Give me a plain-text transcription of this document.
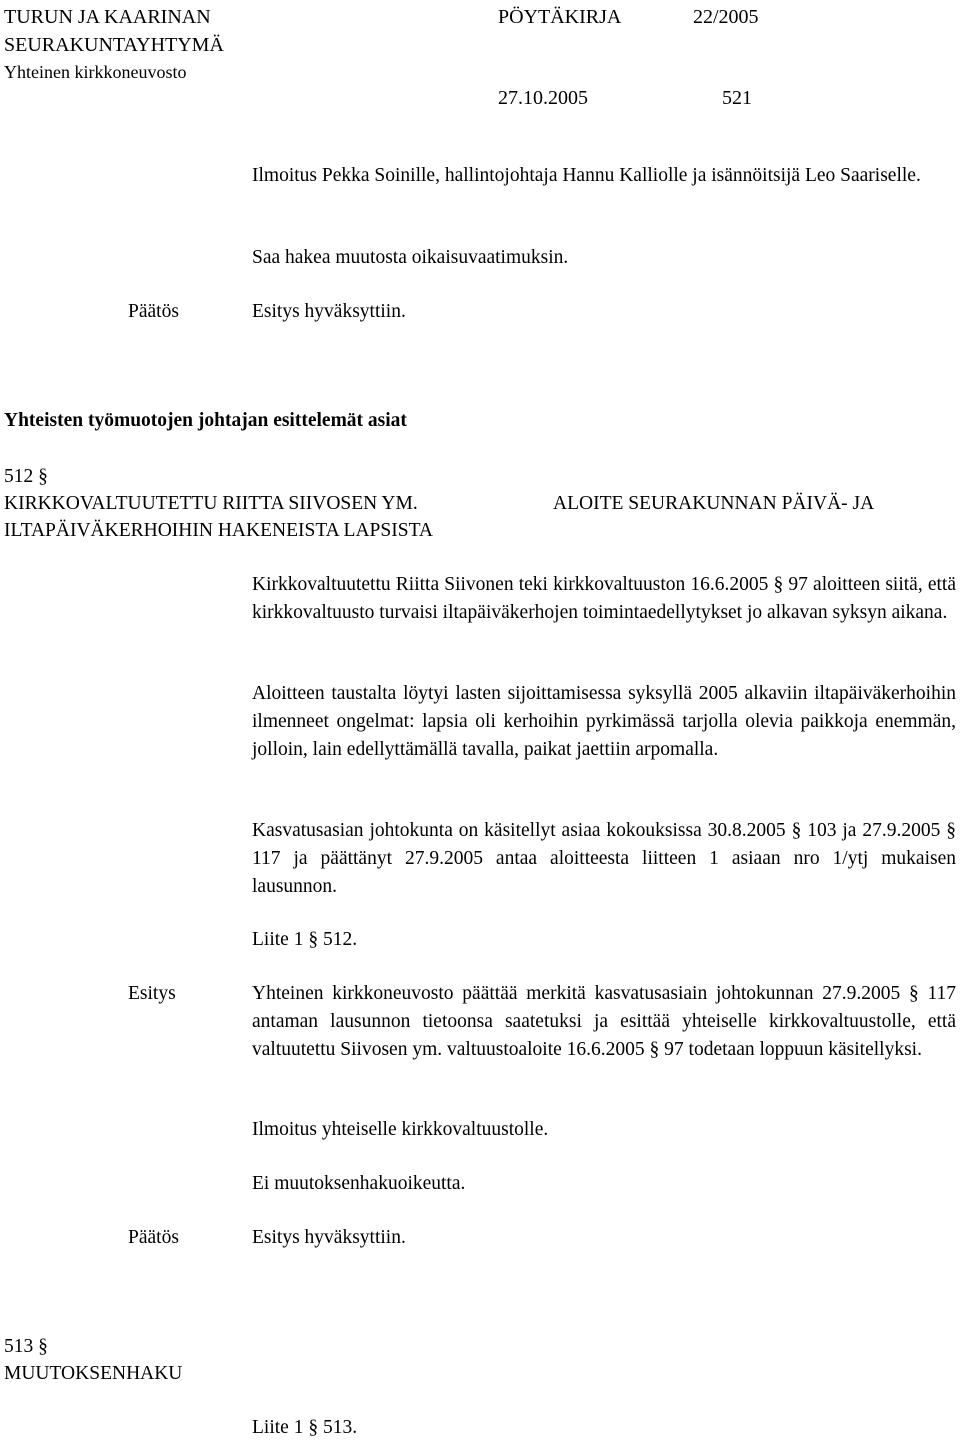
TURUN JA KAARINAN
SEURAKUNTAYHTYMÄ
Yhteinen kirkkoneuvosto
PÖYTÄKIRJA	22/2005
27.10.2005	521

Ilmoitus Pekka Soinille, hallintojohtaja Hannu Kalliolle ja isännöitsijä Leo Saariselle.

Saa hakea muutosta oikaisuvaatimuksin.
Päätös	Esitys hyväksyttiin.
Yhteisten työmuotojen johtajan esittelemät asiat
512 §
KIRKKOVALTUUTETTU RIITTA SIIVOSEN YM.	ALOITE SEURAKUNNAN PÄIVÄ- JA
ILTAPÄIVÄKERHOIHIN HAKENEISTA LAPSISTA

Kirkkovaltuutettu Riitta Siivonen teki kirkkovaltuuston 16.6.2005 § 97 aloitteen siitä, että kirkkovaltuusto turvaisi iltapäiväkerhojen toimintaedellytykset jo alkavan syksyn aikana.

Aloitteen taustalta löytyi lasten sijoittamisessa syksyllä 2005 alkaviin iltapäiväkerhoihin ilmenneet ongelmat: lapsia oli kerhoihin pyrkimässä tarjolla olevia paikkoja enemmän, jolloin, lain edellyttämällä tavalla, paikat jaettiin arpomalla.

Kasvatusasian johtokunta on käsitellyt asiaa kokouksissa 30.8.2005 § 103 ja 27.9.2005 § 117 ja päättänyt 27.9.2005 antaa aloitteesta liitteen 1 asiaan nro 1/ytj mukaisen lausunnon.

Liite 1 § 512.
Esitys	Yhteinen kirkkoneuvosto päättää merkitä kasvatusasiain johtokunnan 27.9.2005 § 117 antaman lausunnon tietoonsa saatetuksi ja esittää yhteiselle kirkkovaltuustolle, että valtuutettu Siivosen ym. valtuustoaloite 16.6.2005 § 97 todetaan loppuun käsitellyksi.

Ilmoitus yhteiselle kirkkovaltuustolle.
Ei muutoksenhakuoikeutta.
Päätös	Esitys hyväksyttiin.
513 §
MUUTOKSENHAKU
Liite 1 § 513.
